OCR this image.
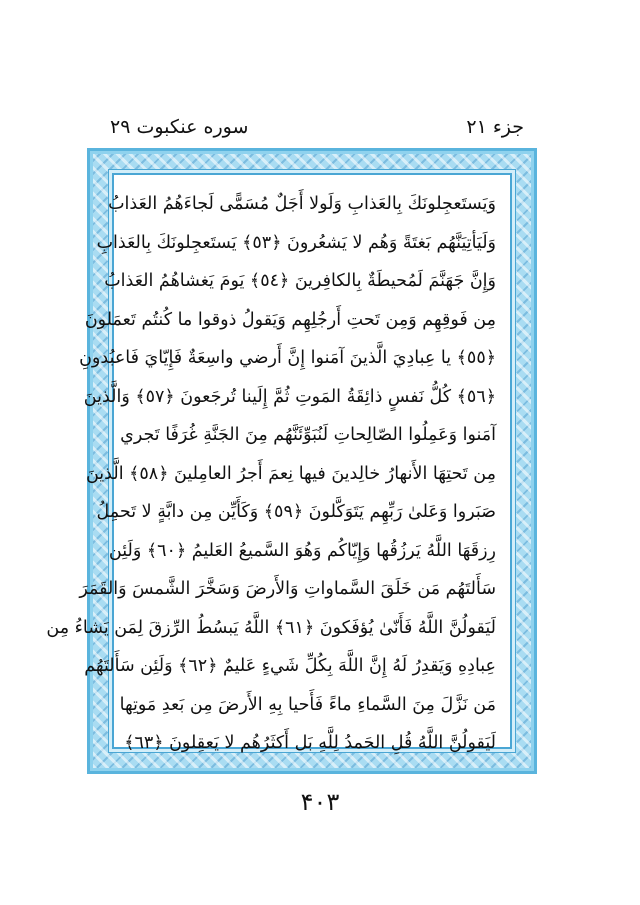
جزء ۲۱
سوره عنکبوت ۲۹
وَيَستَعجِلونَكَ بِالعَذابِ وَلَولا أَجَلٌ مُسَمًّى لَجاءَهُمُ العَذابُ
وَلَيَأتِيَنَّهُم بَغتَةً وَهُم لا يَشعُرونَ ﴿٥٣﴾ يَستَعجِلونَكَ بِالعَذابِ
وَإِنَّ جَهَنَّمَ لَمُحيطَةٌ بِالكافِرينَ ﴿٥٤﴾ يَومَ يَغشاهُمُ العَذابُ
مِن فَوقِهِم وَمِن تَحتِ أَرجُلِهِم وَيَقولُ ذوقوا ما كُنتُم تَعمَلونَ
﴿٥٥﴾ يا عِبادِيَ الَّذينَ آمَنوا إِنَّ أَرضي واسِعَةٌ فَإِيّايَ فَاعبُدونِ
﴿٥٦﴾ كُلُّ نَفسٍ ذائِقَةُ المَوتِ ثُمَّ إِلَينا تُرجَعونَ ﴿٥٧﴾ وَالَّذينَ
آمَنوا وَعَمِلُوا الصّالِحاتِ لَنُبَوِّئَنَّهُم مِنَ الجَنَّةِ غُرَفًا تَجري
مِن تَحتِهَا الأَنهارُ خالِدينَ فيها نِعمَ أَجرُ العامِلينَ ﴿٥٨﴾ الَّذينَ
صَبَروا وَعَلىٰ رَبِّهِم يَتَوَكَّلونَ ﴿٥٩﴾ وَكَأَيِّن مِن دابَّةٍ لا تَحمِلُ
رِزقَهَا اللَّهُ يَرزُقُها وَإِيّاكُم وَهُوَ السَّميعُ العَليمُ ﴿٦٠﴾ وَلَئِن
سَأَلتَهُم مَن خَلَقَ السَّماواتِ وَالأَرضَ وَسَخَّرَ الشَّمسَ وَالقَمَرَ
لَيَقولُنَّ اللَّهُ فَأَنّىٰ يُؤفَكونَ ﴿٦١﴾ اللَّهُ يَبسُطُ الرِّزقَ لِمَن يَشاءُ مِن
عِبادِهِ وَيَقدِرُ لَهُ إِنَّ اللَّهَ بِكُلِّ شَيءٍ عَليمٌ ﴿٦٢﴾ وَلَئِن سَأَلتَهُم
مَن نَزَّلَ مِنَ السَّماءِ ماءً فَأَحيا بِهِ الأَرضَ مِن بَعدِ مَوتِها
لَيَقولُنَّ اللَّهُ قُلِ الحَمدُ لِلَّهِ بَل أَكثَرُهُم لا يَعقِلونَ ﴿٦٣﴾
۴۰۳
